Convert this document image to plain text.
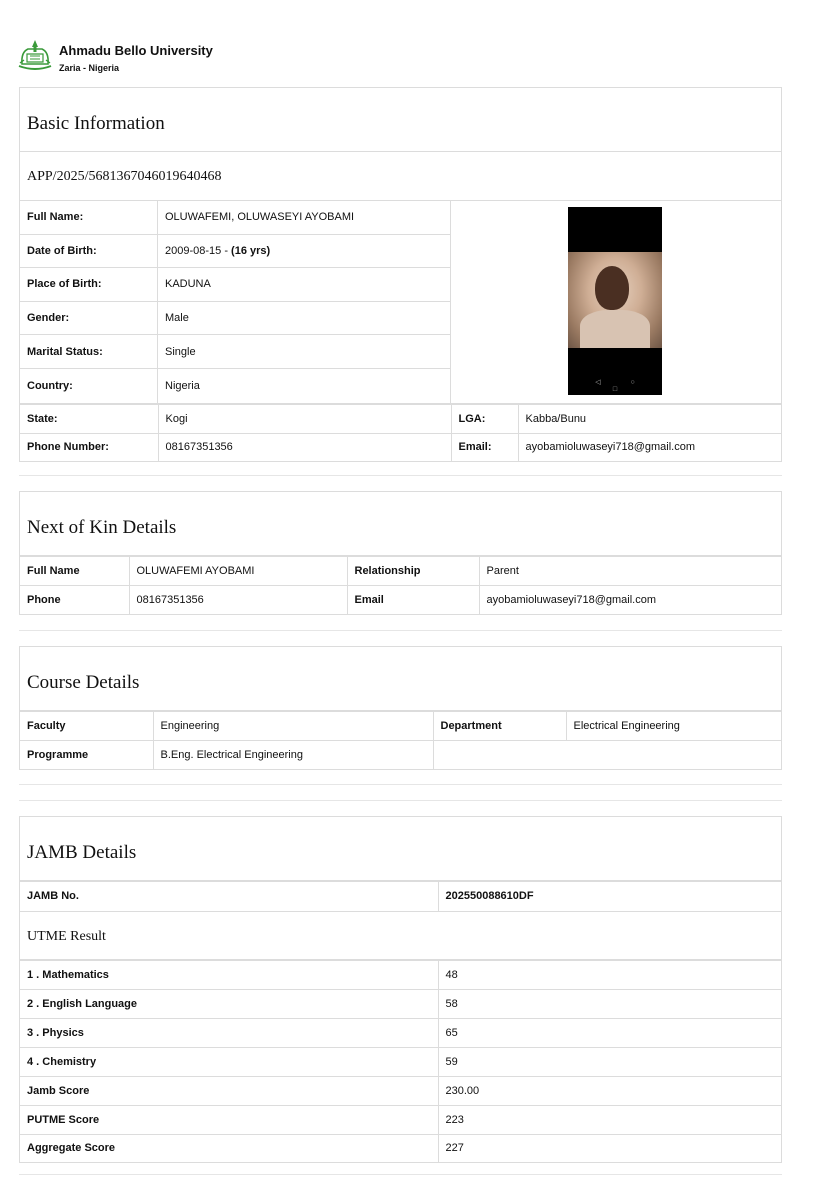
Ahmadu Bello University
Zaria - Nigeria
Basic Information
APP/2025/5681367046019640468
Full Name:	OLUWAFEMI, OLUWASEYI AYOBAMI
Date of Birth:	2009-08-15 - (16 yrs)
Place of Birth:	KADUNA
Gender:	Male
Marital Status:	Single
Country:	Nigeria	◁ ○ □
State:	Kogi	LGA:	Kabba/Bunu
Phone Number:	08167351356	Email:	ayobamioluwaseyi718@gmail.com
Next of Kin Details
Full Name	OLUWAFEMI AYOBAMI	Relationship	Parent
Phone	08167351356	Email	ayobamioluwaseyi718@gmail.com
Course Details
Faculty	Engineering	Department	Electrical Engineering
Programme	B.Eng. Electrical Engineering		
JAMB Details
JAMB No.	202550088610DF
UTME Result
1 . Mathematics	48
2 . English Language	58
3 . Physics	65
4 . Chemistry	59
Jamb Score	230.00
PUTME Score	223
Aggregate Score	227
